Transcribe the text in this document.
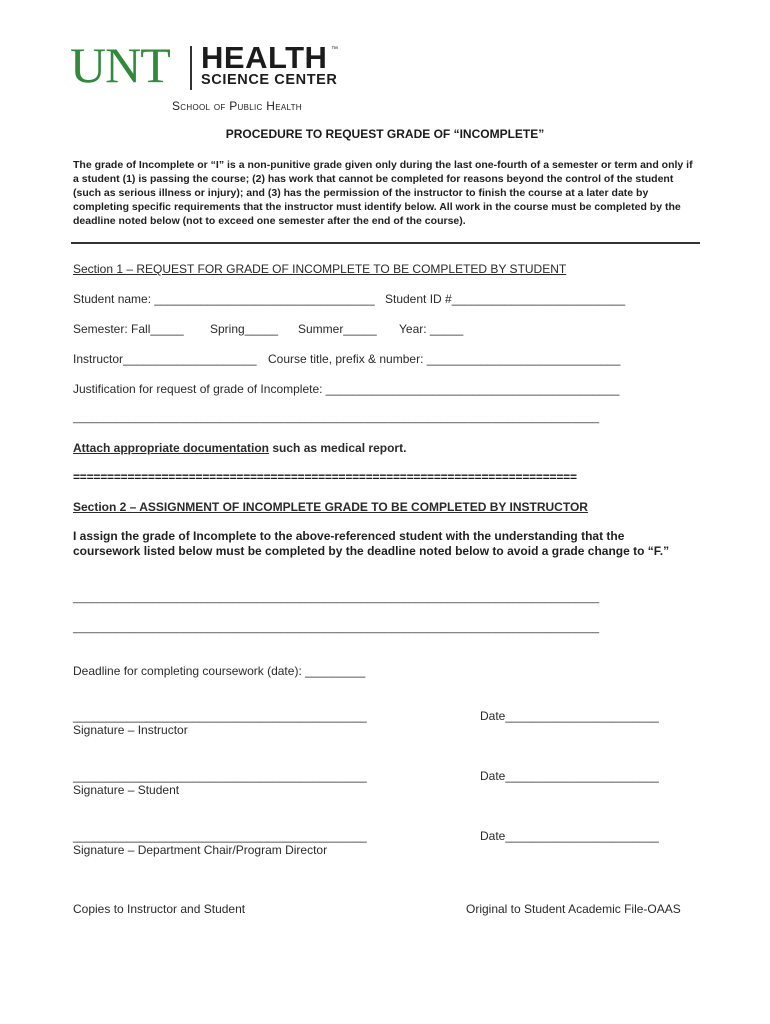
UNT HEALTH ™
SCIENCE CENTER
School of Public Health
PROCEDURE TO REQUEST GRADE OF “INCOMPLETE”
The grade of Incomplete or “I” is a non-punitive grade given only during the last one-fourth of a semester or term and only if a student (1) is passing the course; (2) has work that cannot be completed for reasons beyond the control of the student (such as serious illness or injury); and (3) has the permission of the instructor to finish the course at a later date by completing specific requirements that the instructor must identify below. All work in the course must be completed by the deadline noted below (not to exceed one semester after the end of the course).
Section 1 – REQUEST FOR GRADE OF INCOMPLETE TO BE COMPLETED BY STUDENT
Student name: _________________________________ Student ID #__________________________
Semester: Fall_____ Spring_____ Summer_____ Year: _____
Instructor____________________ Course title, prefix & number: _____________________________
Justification for request of grade of Incomplete: ____________________________________________
______________________________________________________________________________________
Attach appropriate documentation such as medical report.
==========================================================================
Section 2 – ASSIGNMENT OF INCOMPLETE GRADE TO BE COMPLETED BY INSTRUCTOR
I assign the grade of Incomplete to the above-referenced student with the understanding that the coursework listed below must be completed by the deadline noted below to avoid a grade change to “F.”
______________________________________________________________________________________
______________________________________________________________________________________
Deadline for completing coursework (date): _________
____________________________________________	Date_______________________
Signature – Instructor
____________________________________________	Date_______________________
Signature – Student
____________________________________________	Date_______________________
Signature – Department Chair/Program Director
Copies to Instructor and Student	Original to Student Academic File-OAAS
